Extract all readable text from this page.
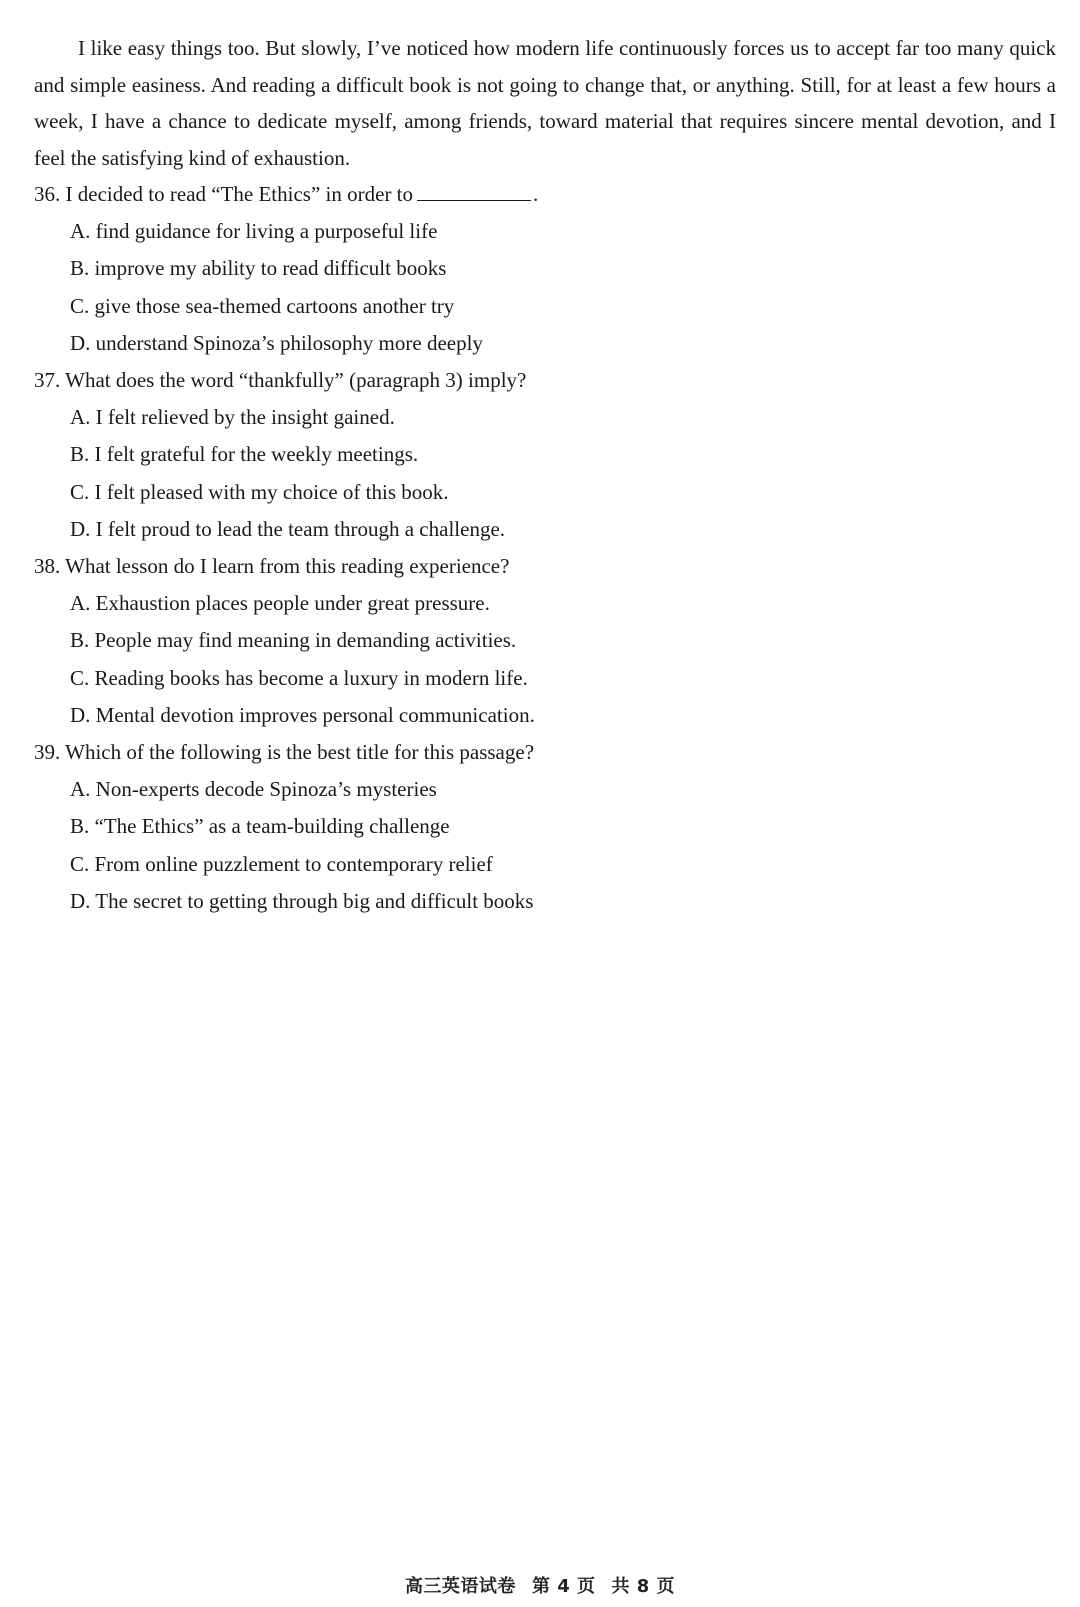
I like easy things too. But slowly, I’ve noticed how modern life continuously forces us to accept far too many quick and simple easiness. And reading a difficult book is not going to change that, or anything. Still, for at least a few hours a week, I have a chance to dedicate myself, among friends, toward material that requires sincere mental devotion, and I feel the satisfying kind of exhaustion.

36. I decided to read “The Ethics” in order to	.

A. find guidance for living a purposeful life

B. improve my ability to read difficult books

C. give those sea-themed cartoons another try

D. understand Spinoza’s philosophy more deeply

37. What does the word “thankfully” (paragraph 3) imply?

A. I felt relieved by the insight gained.

B. I felt grateful for the weekly meetings.

C. I felt pleased with my choice of this book.

D. I felt proud to lead the team through a challenge.

38. What lesson do I learn from this reading experience?

A. Exhaustion places people under great pressure.

B. People may find meaning in demanding activities.

C. Reading books has become a luxury in modern life.

D. Mental devotion improves personal communication.

39. Which of the following is the best title for this passage?

A. Non-experts decode Spinoza’s mysteries

B. “The Ethics” as a team-building challenge

C. From online puzzlement to contemporary relief

D. The secret to getting through big and difficult books

高三英语试卷 第 4 页 共 8 页
